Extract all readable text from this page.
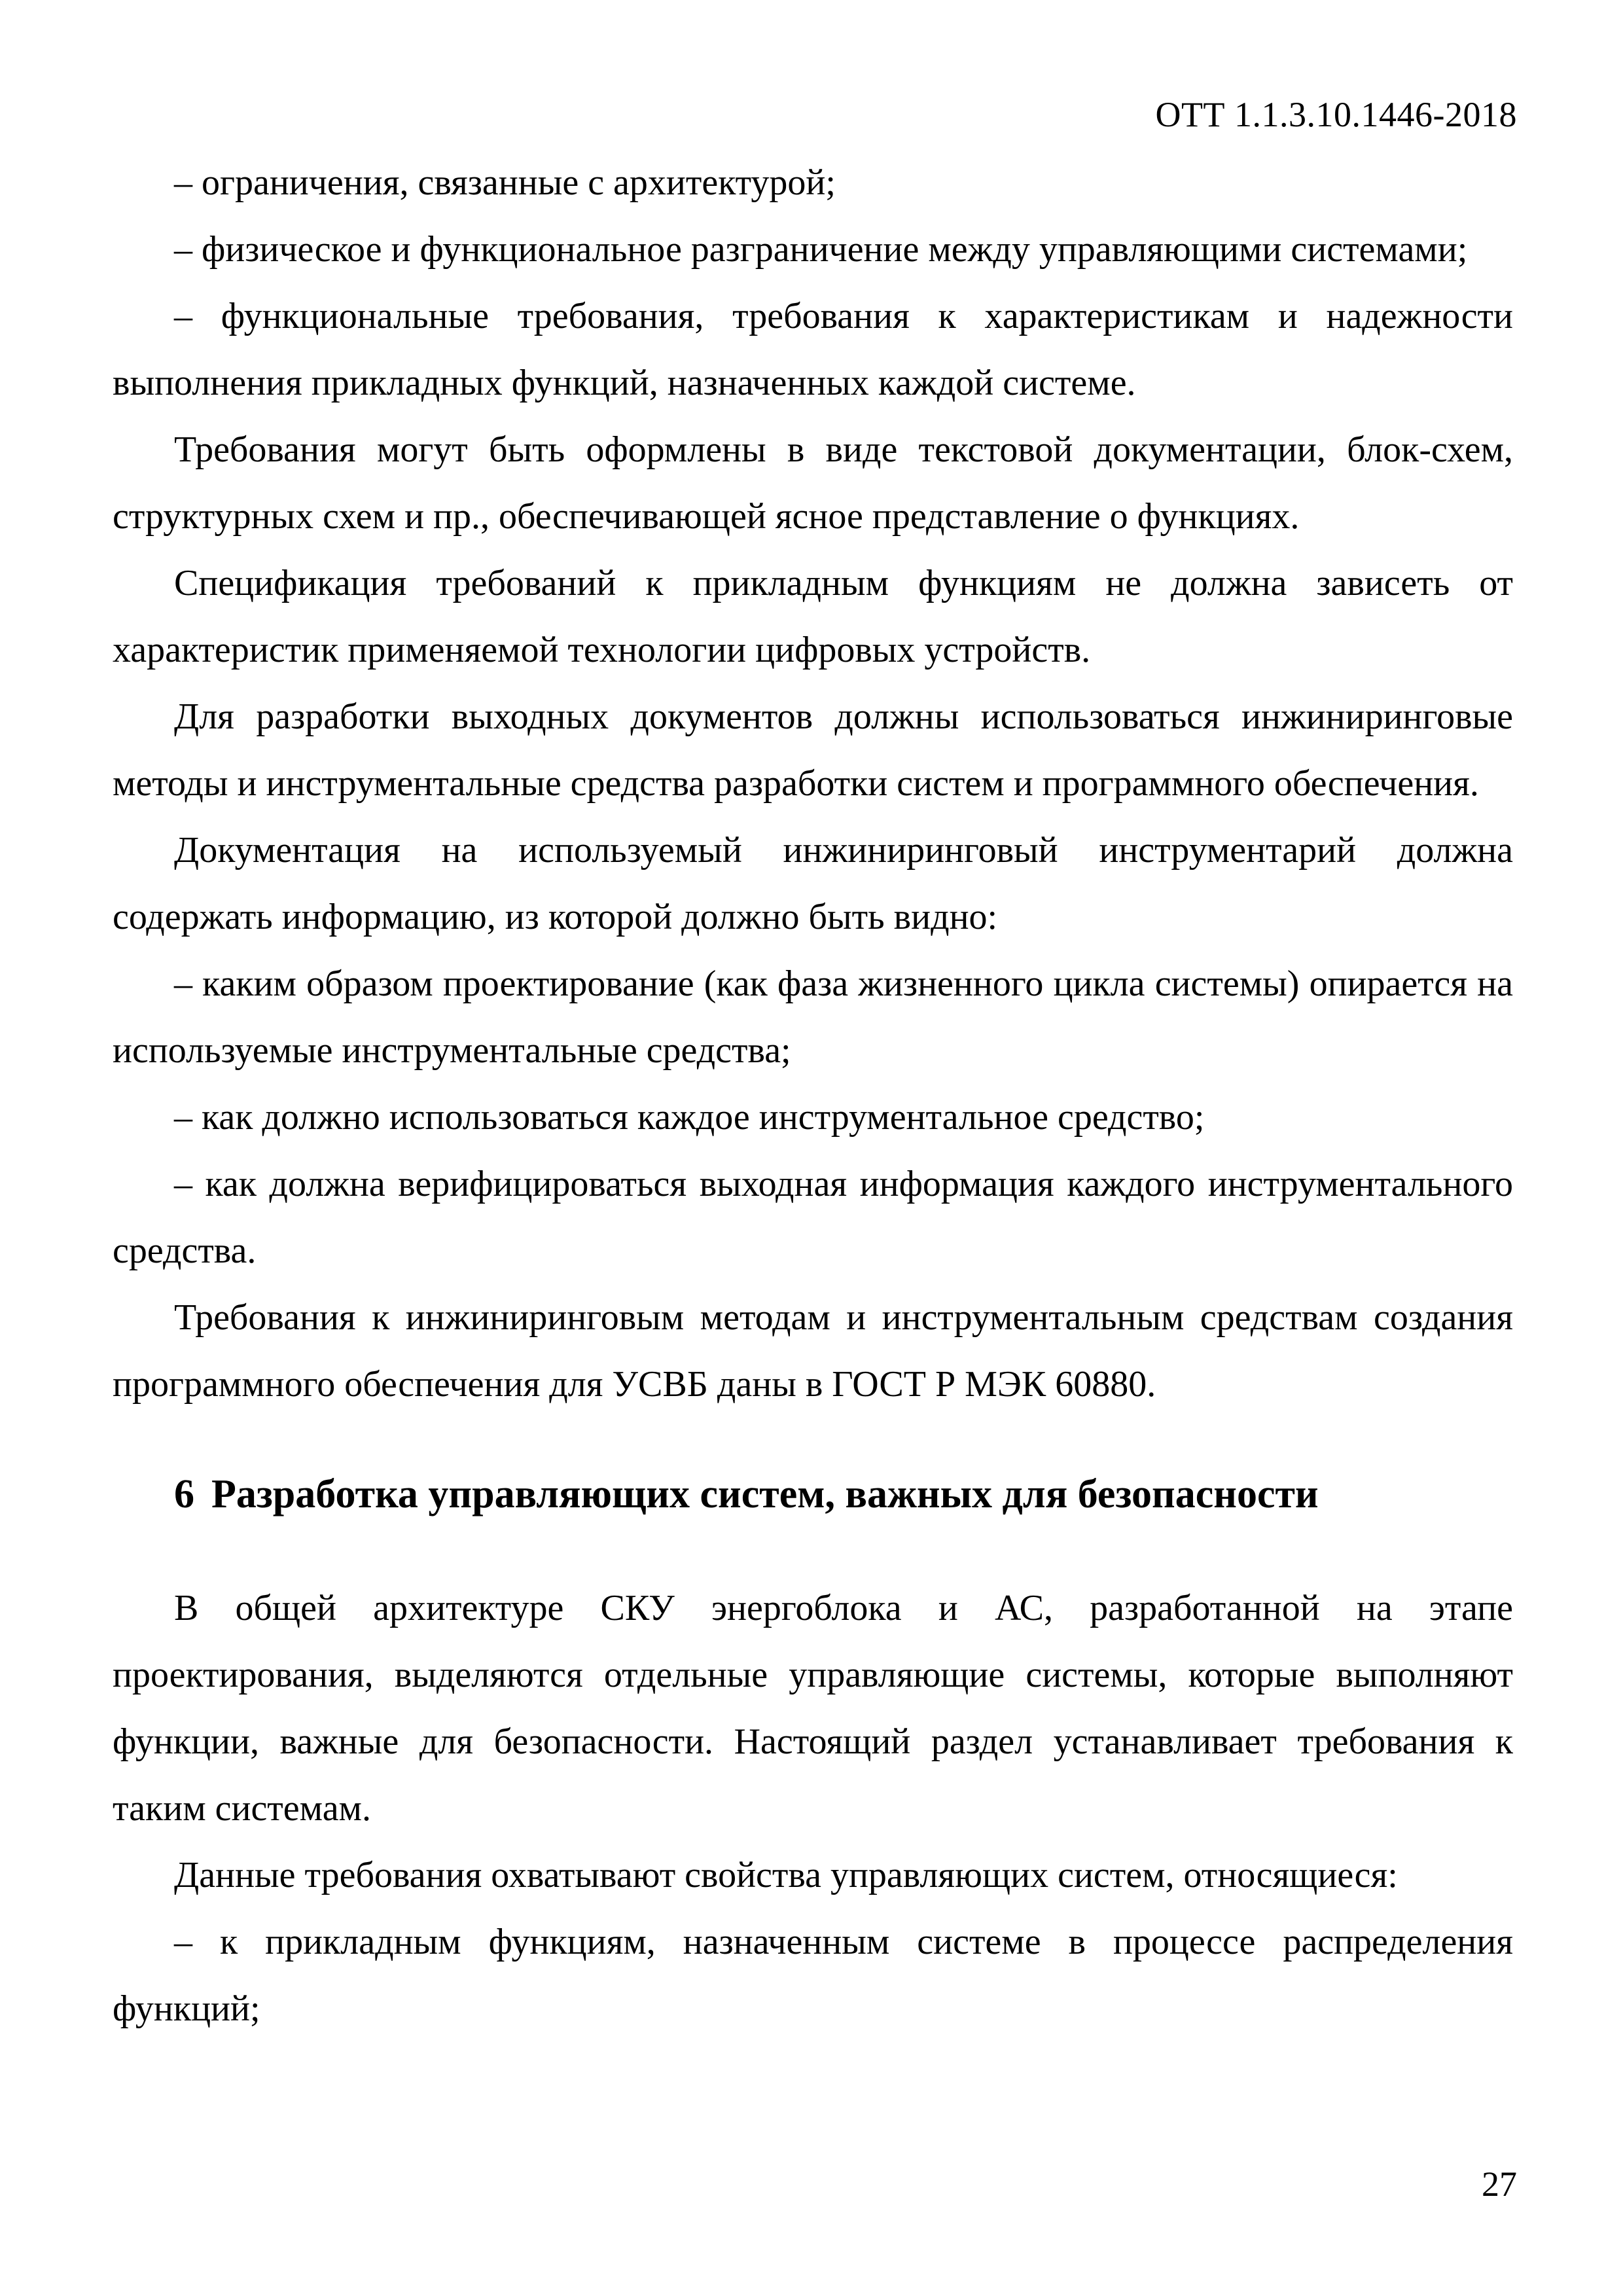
ОТТ 1.1.3.10.1446-2018

– ограничения, связанные с архитектурой;

– физическое и функциональное разграничение между управляющими системами;

– функциональные требования, требования к характеристикам и надежности выполнения прикладных функций, назначенных каждой системе.

Требования могут быть оформлены в виде текстовой документации, блок-схем, структурных схем и пр., обеспечивающей ясное представление о функциях.

Спецификация требований к прикладным функциям не должна зависеть от характеристик применяемой технологии цифровых устройств.

Для разработки выходных документов должны использоваться инжиниринговые методы и инструментальные средства разработки систем и программного обеспечения.

Документация на используемый инжиниринговый инструментарий должна содержать информацию, из которой должно быть видно:

– каким образом проектирование (как фаза жизненного цикла системы) опирается на используемые инструментальные средства;

– как должно использоваться каждое инструментальное средство;

– как должна верифицироваться выходная информация каждого инструментального средства.

Требования к инжиниринговым методам и инструментальным средствам создания программного обеспечения для УСВБ даны в ГОСТ Р МЭК 60880.

6 Разработка управляющих систем, важных для безопасности

В общей архитектуре СКУ энергоблока и АС, разработанной на этапе проектирования, выделяются отдельные управляющие системы, которые выполняют функции, важные для безопасности. Настоящий раздел устанавливает требования к таким системам.

Данные требования охватывают свойства управляющих систем, относящиеся:

– к прикладным функциям, назначенным системе в процессе распределения функций;

27
